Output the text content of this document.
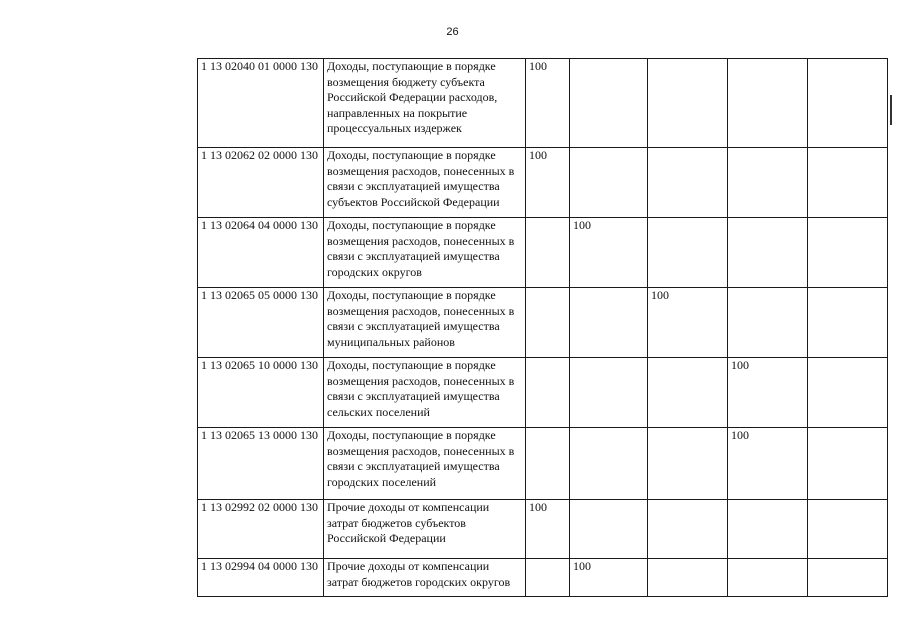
26
1 13 02040 01 0000 130	Доходы, поступающие в порядке возмещения бюджету субъекта Российской Федерации расходов, направленных на покрытие процессуальных издержек	100				
1 13 02062 02 0000 130	Доходы, поступающие в порядке возмещения расходов, понесенных в связи с эксплуатацией имущества субъектов Российской Федерации	100				
1 13 02064 04 0000 130	Доходы, поступающие в порядке возмещения расходов, понесенных в связи с эксплуатацией имущества городских округов		100			
1 13 02065 05 0000 130	Доходы, поступающие в порядке возмещения расходов, понесенных в связи с эксплуатацией имущества муниципальных районов			100		
1 13 02065 10 0000 130	Доходы, поступающие в порядке возмещения расходов, понесенных в связи с эксплуатацией имущества сельских поселений				100	
1 13 02065 13 0000 130	Доходы, поступающие в порядке возмещения расходов, понесенных в связи с эксплуатацией имущества городских поселений				100	
1 13 02992 02 0000 130	Прочие доходы от компенсации затрат бюджетов субъектов Российской Федерации	100				
1 13 02994 04 0000 130	Прочие доходы от компенсации затрат бюджетов городских округов		100			
